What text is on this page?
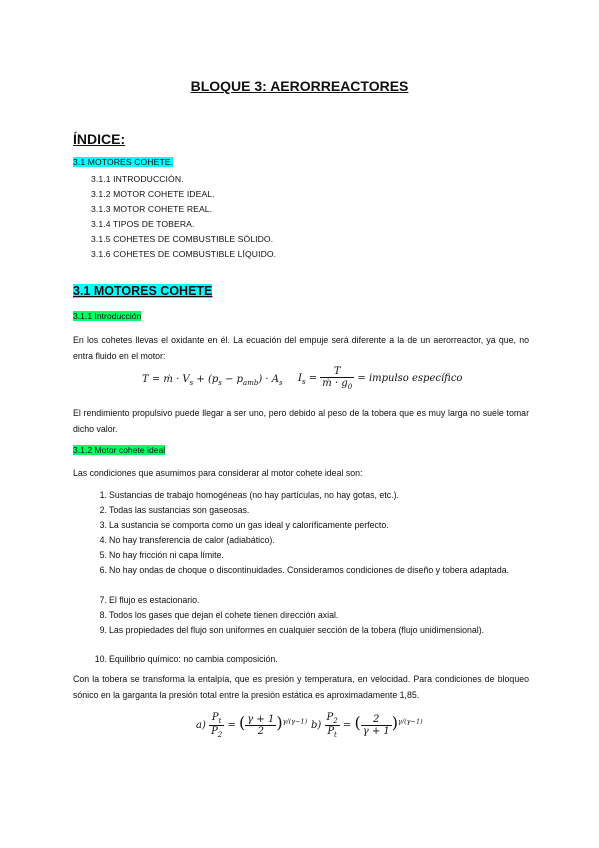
BLOQUE 3: AERORREACTORES
ÍNDICE:
3.1 MOTORES COHETE.
3.1.1 INTRODUCCIÓN.
3.1.2 MOTOR COHETE IDEAL.
3.1.3 MOTOR COHETE REAL.
3.1.4 TIPOS DE TOBERA.
3.1.5 COHETES DE COMBUSTIBLE SÓLIDO.
3.1.6 COHETES DE COMBUSTIBLE LÍQUIDO.
3.1 MOTORES COHETE
3.1.1 Introducción
En los cohetes llevas el oxidante en él. La ecuación del empuje será diferente a la de un aerorreactor, ya que, no entra fluido en el motor:
T = ṁ · $V_s + (p_s - p_{amb}) \cdot A_s$ $I_s = \frac{T}{ṁ \cdot g_0}$ = impulso específico
El rendimiento propulsivo puede llegar a ser uno, pero debido al peso de la tobera que es muy larga no suele tomar dicho valor.
3.1.2 Motor cohete ideal
Las condiciones que asumimos para considerar al motor cohete ideal son:
1. Sustancias de trabajo homogéneas (no hay partículas, no hay gotas, etc.).
2. Todas las sustancias son gaseosas.
3. La sustancia se comporta como un gas ideal y caloríficamente perfecto.
4. No hay transferencia de calor (adiabático).
5. No hay fricción ni capa límite.
6. No hay ondas de choque o discontinuidades. Consideramos condiciones de diseño y tobera adaptada.
7. El flujo es estacionario.
8. Todos los gases que dejan el cohete tienen dirección axial.
9. Las propiedades del flujo son uniformes en cualquier sección de la tobera (flujo unidimensional).
10. Equilibrio químico: no cambia composición.
Con la tobera se transforma la entalpía, que es presión y temperatura, en velocidad. Para condiciones de bloqueo sónico en la garganta la presión total entre la presión estática es aproximadamente 1,85.
$a) \frac{P_t}{P_2}$ = ( $\frac{\gamma + 1}{2} )^{\gamma/(\gamma-1)}$ $b) \frac{P_2}{P_t}$ = ( $\frac{2}{\gamma + 1} )^{\gamma/(\gamma-1)}$
